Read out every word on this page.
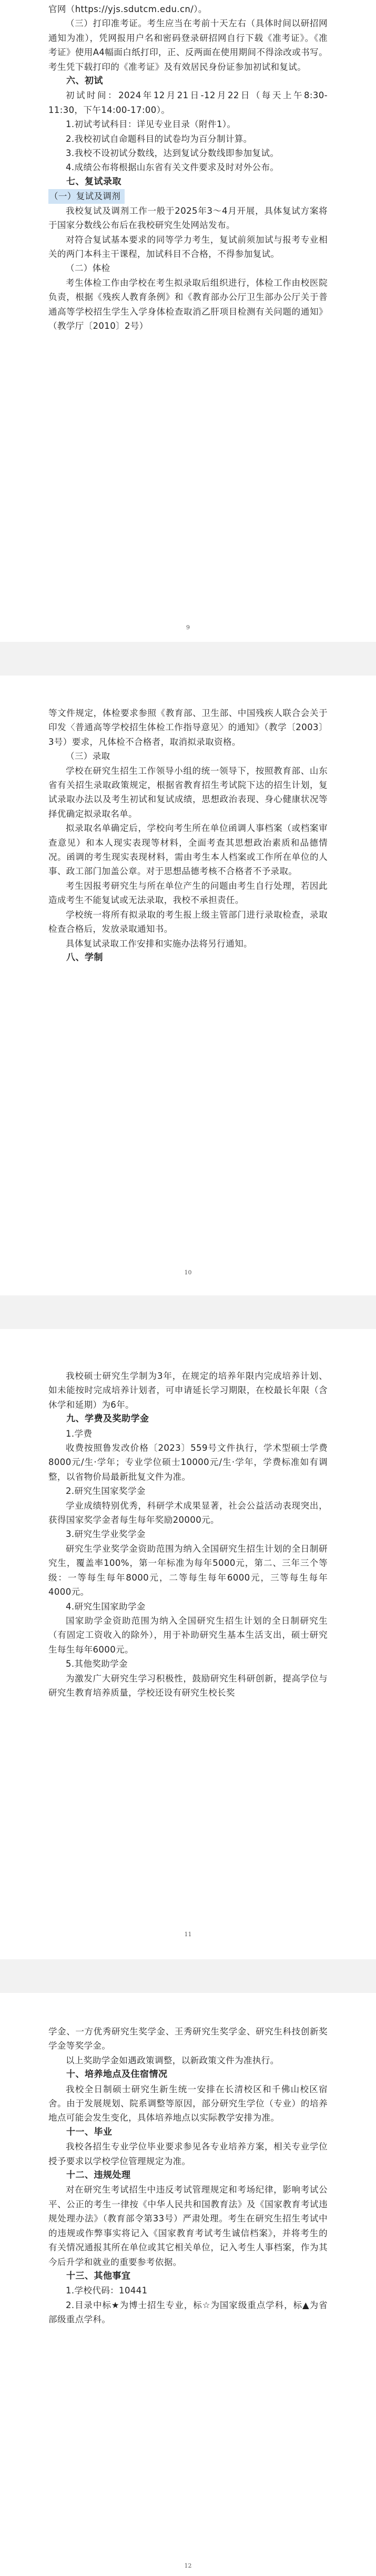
官网（https://yjs.sdutcm.edu.cn/）。

（三）打印准考证。考生应当在考前十天左右（具体时间以研招网通知为准），凭网报用户名和密码登录研招网自行下载《准考证》。《准考证》使用A4幅面白纸打印，正、反两面在使用期间不得涂改或书写。考生凭下载打印的《准考证》及有效居民身份证参加初试和复试。

六、初试

初试时间：2024年12月21日-12月22日（每天上午8:30-11:30，下午14:00-17:00）。

1.初试考试科目：详见专业目录（附件1）。

2.我校初试自命题科目的试卷均为百分制计算。

3.我校不设初试分数线，达到复试分数线即参加复试。

4.成绩公布将根据山东省有关文件要求及时对外公布。

七、复试录取

（一）复试及调剂

我校复试及调剂工作一般于2025年3～4月开展，具体复试方案将于国家分数线公布后在我校研究生处网站发布。

对符合复试基本要求的同等学力考生，复试前须加试与报考专业相关的两门本科主干课程，加试科目不合格，不得参加复试。

（二）体检

考生体检工作由学校在考生拟录取后组织进行，体检工作由校医院负责，根据《残疾人教育条例》和《教育部办公厅卫生部办公厅关于普通高等学校招生学生入学身体检查取消乙肝项目检测有关问题的通知》（教学厅〔2010〕2号）

9

等文件规定，体检要求参照《教育部、卫生部、中国残疾人联合会关于印发〈普通高等学校招生体检工作指导意见〉的通知》（教学〔2003〕3号）要求，凡体检不合格者，取消拟录取资格。

（三）录取

学校在研究生招生工作领导小组的统一领导下，按照教育部、山东省有关招生录取政策规定，根据省教育招生考试院下达的招生计划，复试录取办法以及考生初试和复试成绩，思想政治表现、身心健康状况等择优确定拟录取名单。

拟录取名单确定后，学校向考生所在单位函调人事档案（或档案审查意见）和本人现实表现等材料，全面考查其思想政治素质和品德情况。函调的考生现实表现材料，需由考生本人档案或工作所在单位的人事、政工部门加盖公章。对于思想品德考核不合格者不予录取。

考生因报考研究生与所在单位产生的问题由考生自行处理，若因此造成考生不能复试或无法录取，我校不承担责任。

学校统一将所有拟录取的考生报上级主管部门进行录取检查，录取检查合格后，发放录取通知书。

具体复试录取工作安排和实施办法将另行通知。

八、学制

10

我校硕士研究生学制为3年，在规定的培养年限内完成培养计划、如未能按时完成培养计划者，可申请延长学习期限，在校最长年限（含休学和延期）为6年。

九、学费及奖助学金

1.学费

收费按照鲁发改价格〔2023〕559号文件执行，学术型硕士学费8000元/生·学年；专业学位硕士10000元/生·学年，学费标准如有调整，以省物价局最新批复文件为准。

2.研究生国家奖学金

学业成绩特别优秀，科研学术成果显著，社会公益活动表现突出，获得国家奖学金者每生每年奖励20000元。

3.研究生学业奖学金

研究生学业奖学金资助范围为纳入全国研究生招生计划的全日制研究生，覆盖率100%，第一年标准为每年5000元，第二、三年三个等级：一等每生每年8000元，二等每生每年6000元，三等每生每年4000元。

4.研究生国家助学金

国家助学金资助范围为纳入全国研究生招生计划的全日制研究生（有固定工资收入的除外），用于补助研究生基本生活支出，硕士研究生每生每年6000元。

5.其他奖助学金

为激发广大研究生学习积极性，鼓励研究生科研创新，提高学位与研究生教育培养质量，学校还设有研究生校长奖

11

学金、一方优秀研究生奖学金、王秀研究生奖学金、研究生科技创新奖学金等奖学金。

以上奖助学金如遇政策调整，以新政策文件为准执行。

十、培养地点及住宿情况

我校全日制硕士研究生新生统一安排在长清校区和千佛山校区宿舍。由于发展规划、院系调整等原因，部分研究生学位（专业）的培养地点可能会发生变化，具体培养地点以实际教学安排为准。

十一、毕业

我校各招生专业学位毕业要求参见各专业培养方案，相关专业学位授予要求以学校学位管理规定为准。

十二、违规处理

对在研究生考试招生中违反考试管理规定和考场纪律，影响考试公平、公正的考生一律按《中华人民共和国教育法》及《国家教育考试违规处理办法》（教育部令第33号）严肃处理。考生在研究生招生考试中的违规或作弊事实将记入《国家教育考试考生诚信档案》，并将考生的有关情况通报其所在单位或其它相关单位，记入考生人事档案，作为其今后升学和就业的重要参考依据。

十三、其他事宜

1.学校代码：10441

2.目录中标★为博士招生专业，标☆为国家级重点学科，标▲为省部级重点学科。

12
